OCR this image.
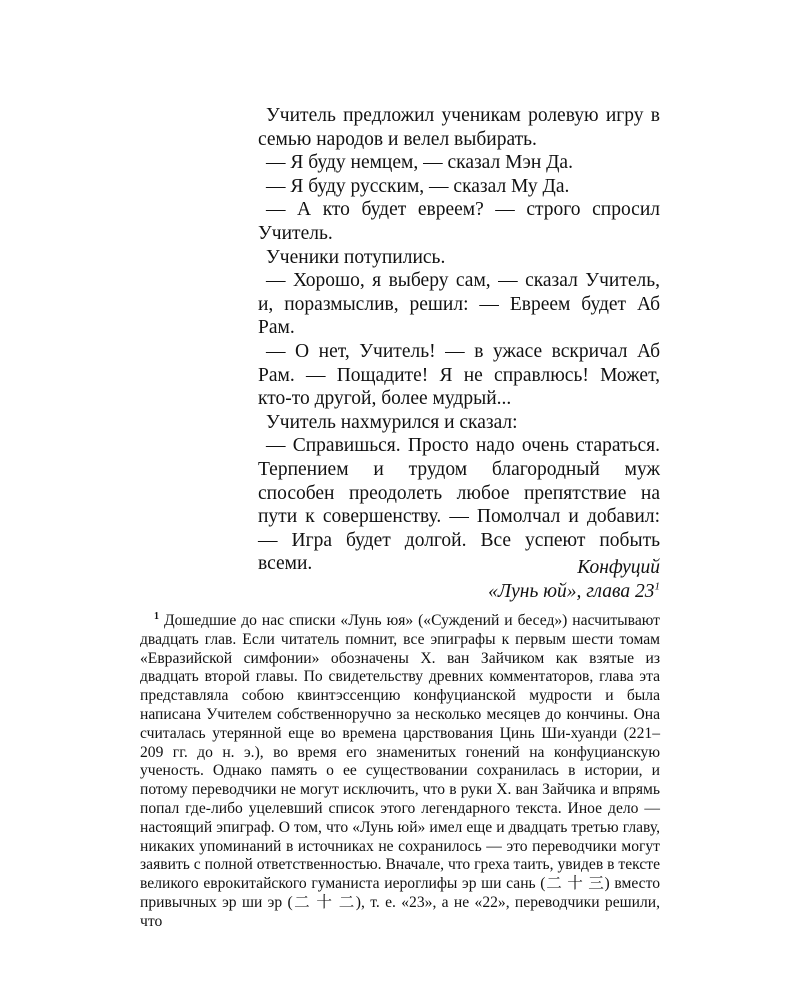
Учитель предложил ученикам ролевую игру в семью народов и велел выбирать.

— Я буду немцем, — сказал Мэн Да.

— Я буду русским, — сказал Му Да.

— А кто будет евреем? — строго спросил Учитель.

Ученики потупились.

— Хорошо, я выберу сам, — сказал Учитель, и, поразмыслив, решил: — Евреем будет Аб Рам.

— О нет, Учитель! — в ужасе вскричал Аб Рам. — Пощадите! Я не справлюсь! Может, кто-то другой, более мудрый...

Учитель нахмурился и сказал:

— Справишься. Просто надо очень стараться. Терпением и трудом благородный муж способен преодолеть любое препятствие на пути к совершенству. — Помолчал и добавил: — Игра будет долгой. Все успеют побыть всеми.	Конфуций
«Лунь юй», глава $23^1$

$^1$ Дошедшие до нас списки «Лунь юя» («Суждений и бесед») насчитывают двадцать глав. Если читатель помнит, все эпиграфы к первым шести томам «Евразийской симфонии» обозначены Х. ван Зайчиком как взятые из двадцать второй главы. По свидетельству древних комментаторов, глава эта представляла собою квинтэссенцию конфуцианской мудрости и была написана Учителем собственноручно за несколько месяцев до кончины. Она считалась утерянной еще во времена царствования Цинь Ши-хуанди (221–209 гг. до н. э.), во время его знаменитых гонений на конфуцианскую ученость. Однако память о ее существовании сохранилась в истории, и потому переводчики не могут исключить, что в руки Х. ван Зайчика и впрямь попал где-либо уцелевший список этого легендарного текста. Иное дело — настоящий эпиграф. О том, что «Лунь юй» имел еще и двадцать третью главу, никаких упоминаний в источниках не сохранилось — это переводчики могут заявить с полной ответственностью. Вначале, что греха таить, увидев в тексте великого еврокитайского гуманиста иероглифы эр ши сань (二 十 三) вместо привычных эр ши эр (二 十 二), т. е. «23», а не «22», переводчики решили, что
